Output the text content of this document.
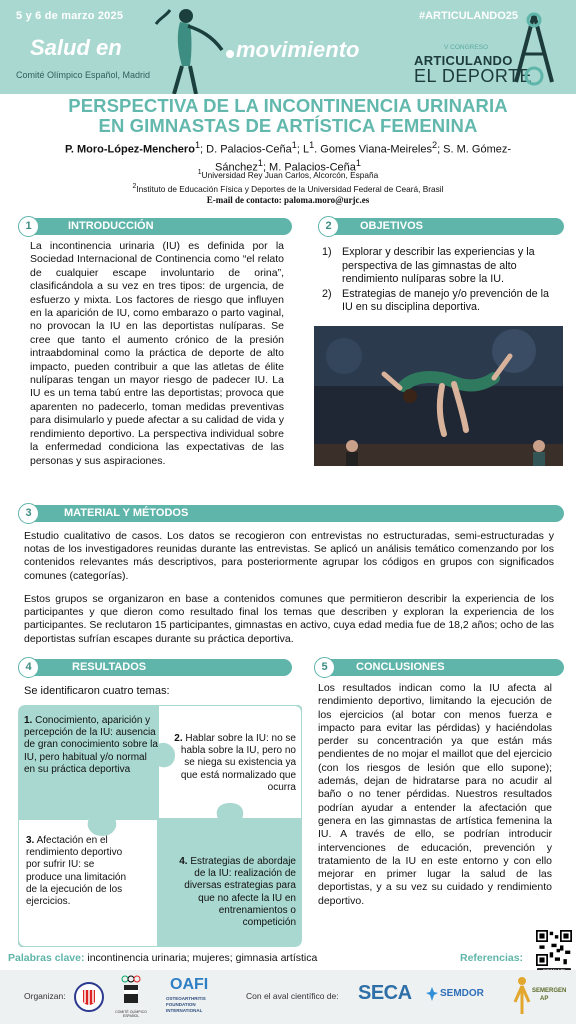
5 y 6 de marzo 2025	#ARTICULANDO25
Salud en	movimiento
Comité Olímpico Español, Madrid
V CONGRESO
ARTICULANDO
EL DEPORTE
PERSPECTIVA DE LA INCONTINENCIA URINARIA
EN GIMNASTAS DE ARTÍSTICA FEMENINA
P. Moro-López-Menchero$^1$; D. Palacios-Ceña$^1$; $L^1$. Gomes Viana-Meireles$^2$; S. M. Gómez-Sánchez$^1$; M. Palacios-Ceña$^1$
$^1$Universidad Rey Juan Carlos, Alcorcón, España
$^2$Instituto de Educación Física y Deportes de la Universidad Federal de Ceará, Brasil
E-mail de contacto: paloma.moro@urjc.es
1	INTRODUCCIÓN
La incontinencia urinaria (IU) es definida por la Sociedad Internacional de Continencia como “el relato de cualquier escape involuntario de orina”, clasificándola a su vez en tres tipos: de urgencia, de esfuerzo y mixta. Los factores de riesgo que influyen en la aparición de IU, como embarazo o parto vaginal, no provocan la IU en las deportistas nulíparas. Se cree que tanto el aumento crónico de la presión intraabdominal como la práctica de deporte de alto impacto, pueden contribuir a que las atletas de élite nulíparas tengan un mayor riesgo de padecer IU. La IU es un tema tabú entre las deportistas; provoca que aparenten no padecerlo, toman medidas preventivas para disimularlo y puede afectar a su calidad de vida y rendimiento deportivo. La perspectiva individual sobre la enfermedad condiciona las expectativas de las personas y sus aspiraciones.
2	OBJETIVOS
1) Explorar y describir las experiencias y la perspectiva de las gimnastas de alto rendimiento nulíparas sobre la IU.
2) Estrategias de manejo y/o prevención de la IU en su disciplina deportiva.
3	MATERIAL Y MÉTODOS
Estudio cualitativo de casos. Los datos se recogieron con entrevistas no estructuradas, semi-estructuradas y notas de los investigadores reunidas durante las entrevistas. Se aplicó un análisis temático comenzando por los contenidos relevantes más descriptivos, para posteriormente agrupar los códigos en grupos con significados comunes (categorías).
Estos grupos se organizaron en base a contenidos comunes que permitieron describir la experiencia de los participantes y que dieron como resultado final los temas que describen y exploran la experiencia de los participantes. Se reclutaron 15 participantes, gimnastas en activo, cuya edad media fue de 18,2 años; ocho de las deportistas sufrían escapes durante su práctica deportiva.
4	RESULTADOS
Se identificaron cuatro temas:
1. Conocimiento, aparición y percepción de la IU: ausencia de gran conocimiento sobre la IU, pero habitual y/o normal en su práctica deportiva
2. Hablar sobre la IU: no se habla sobre la IU, pero no se niega su existencia ya que está normalizado que ocurra
3. Afectación en el rendimiento deportivo por sufrir IU: se produce una limitación de la ejecución de los ejercicios.
4. Estrategias de abordaje de la IU: realización de diversas estrategias para que no afecte la IU en entrenamientos o competición
5	CONCLUSIONES
Los resultados indican como la IU afecta al rendimiento deportivo, limitando la ejecución de los ejercicios (al botar con menos fuerza e impacto para evitar las pérdidas) y haciéndolas perder su concentración ya que están más pendientes de no mojar el maillot que del ejercicio (con los riesgos de lesión que ello supone); además, dejan de hidratarse para no acudir al baño o no tener pérdidas. Nuestros resultados podrían ayudar a entender la afectación que genera en las gimnastas de artística femenina la IU. A través de ello, se podrían introducir intervenciones de educación, prevención y tratamiento de la IU en este entorno y con ello mejorar en primer lugar la salud de las deportistas, y a su vez su cuidado y rendimiento deportivo.
Palabras clave: incontinencia urinaria; mujeres; gimnasia artística	Referencias:
Organizan:
COMITÉ OLÍMPICO ESPAÑOL
OAFI
OSTEOARTHRITIS
FOUNDATION
INTERNATIONAL
Con el aval científico de: SECA	SEMDOR	SEMERGEN
AP
